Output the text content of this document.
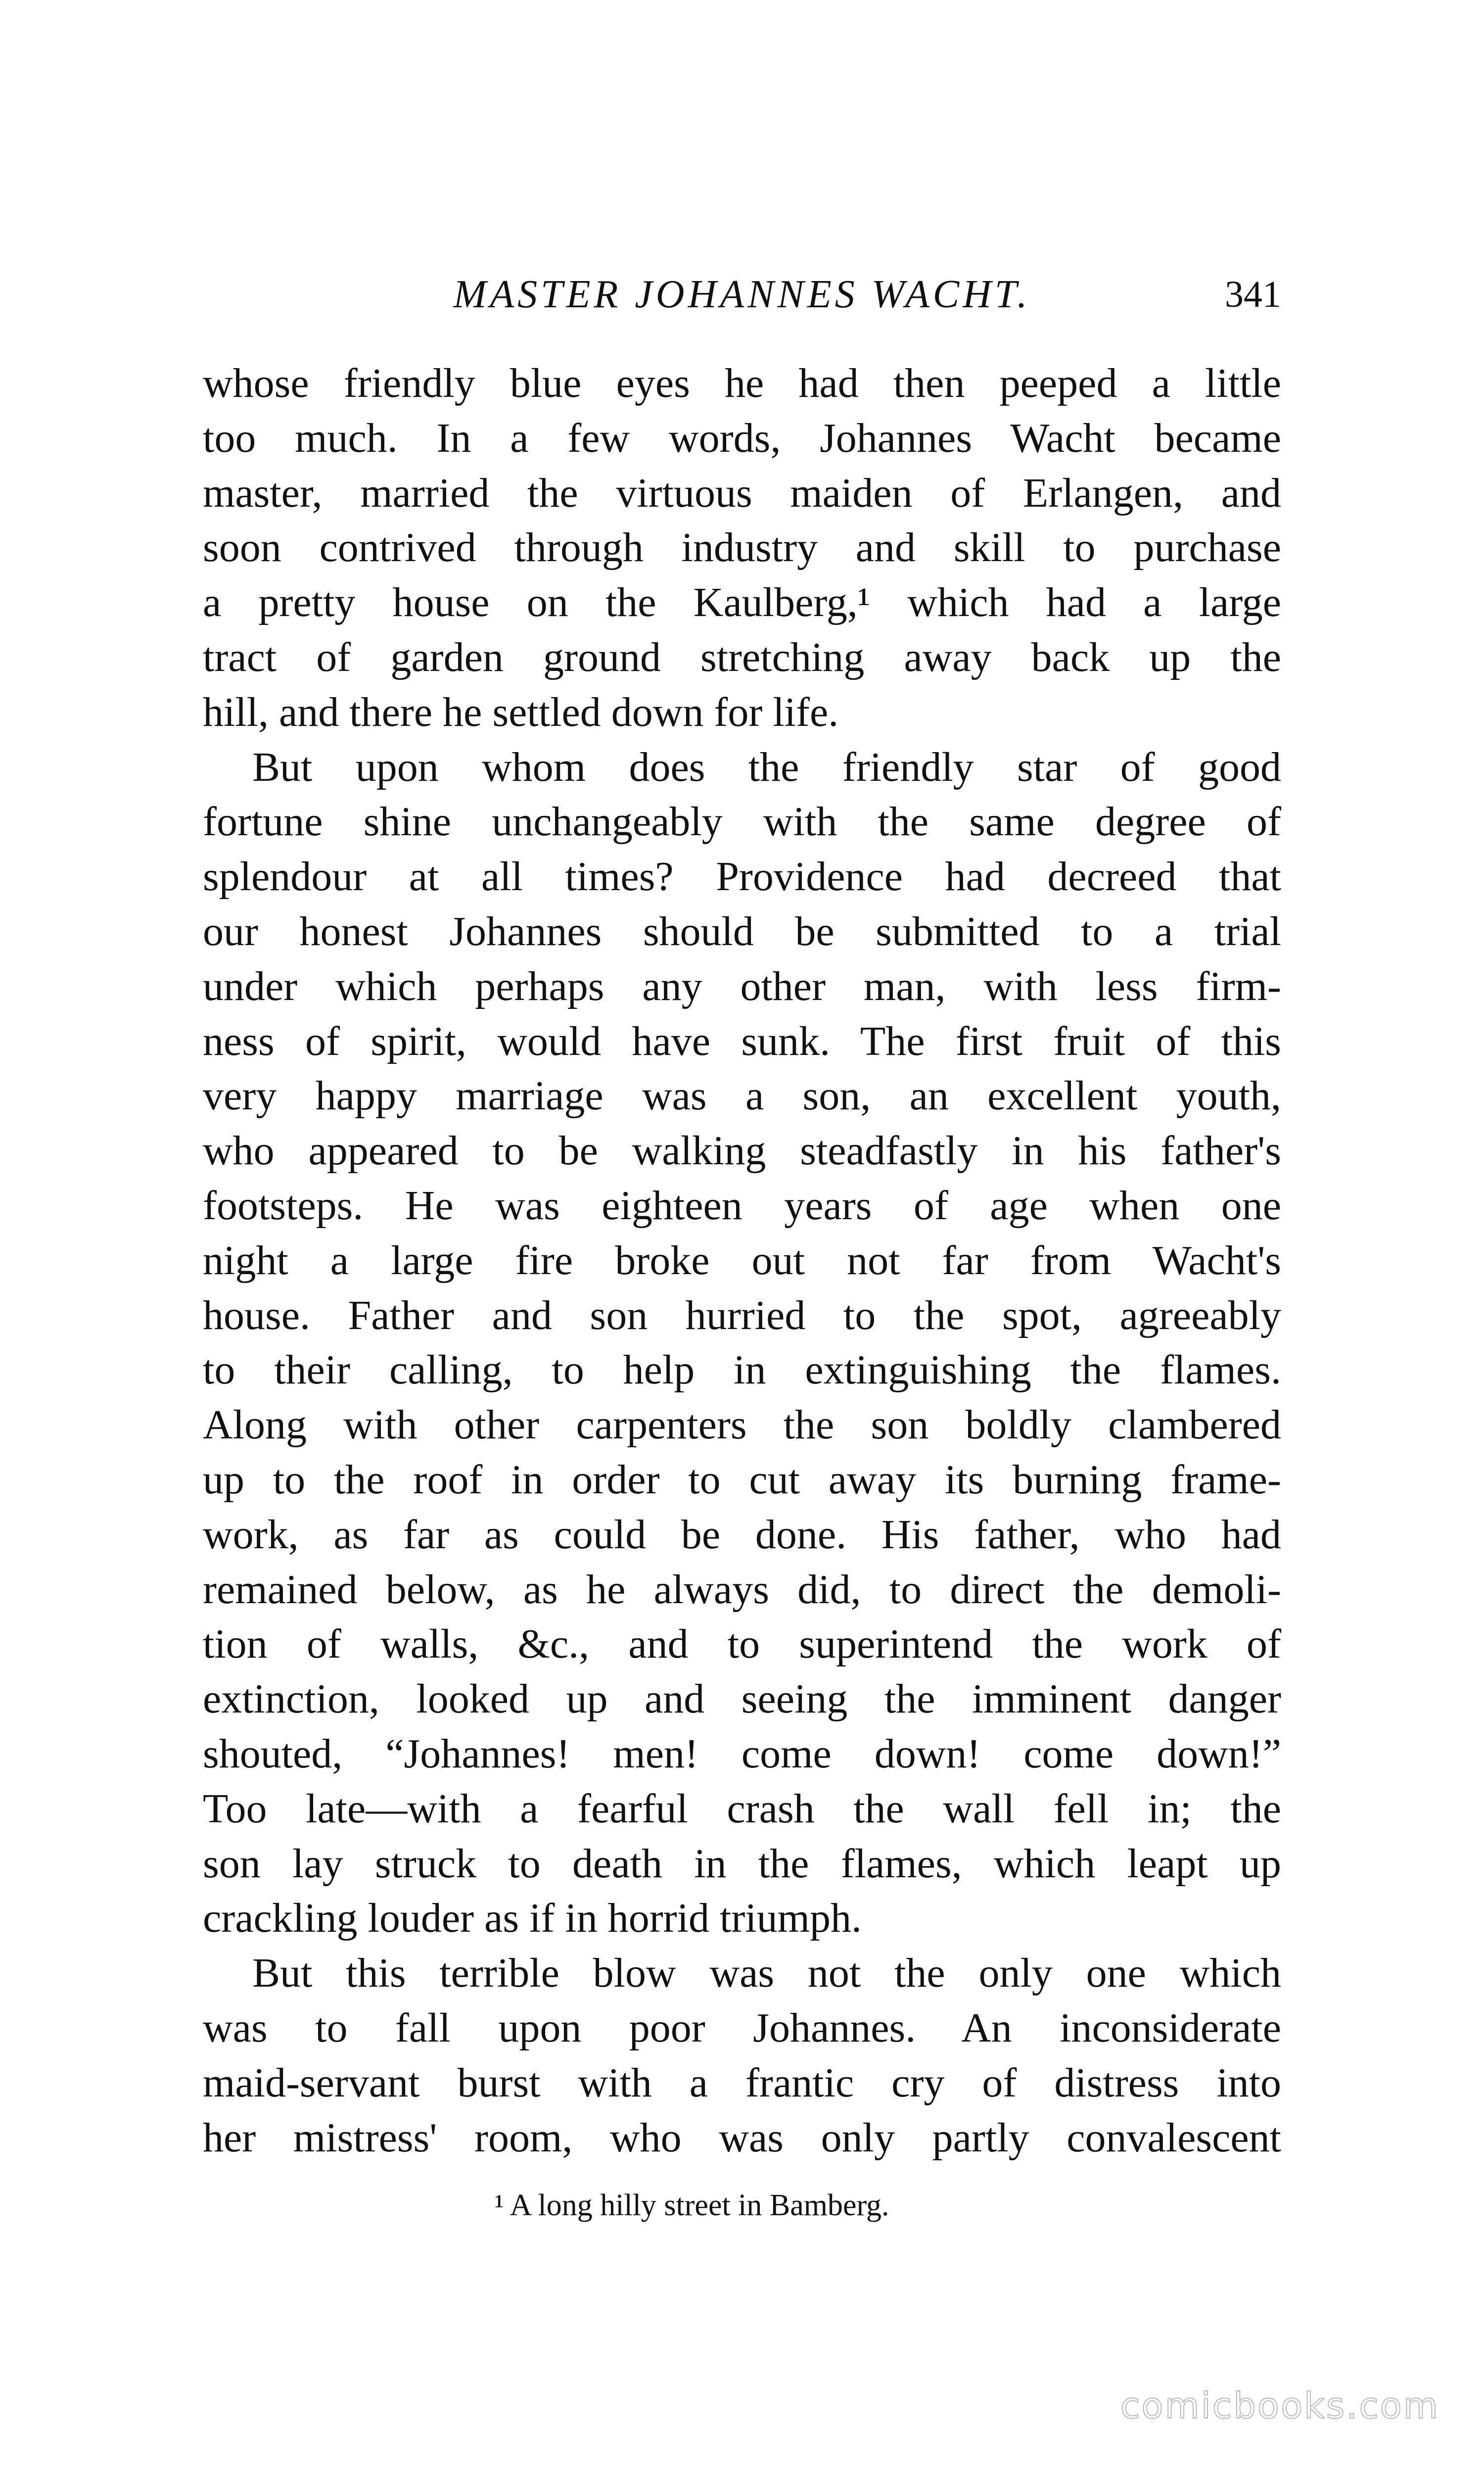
MASTER JOHANNES WACHT.	341
whose friendly blue eyes he had then peeped a little
too much. In a few words, Johannes Wacht became
master, married the virtuous maiden of Erlangen, and
soon contrived through industry and skill to purchase
a pretty house on the Kaulberg,¹ which had a large
tract of garden ground stretching away back up the
hill, and there he settled down for life.
But upon whom does the friendly star of good
fortune shine unchangeably with the same degree of
splendour at all times? Providence had decreed that
our honest Johannes should be submitted to a trial
under which perhaps any other man, with less firm-
ness of spirit, would have sunk. The first fruit of this
very happy marriage was a son, an excellent youth,
who appeared to be walking steadfastly in his father's
footsteps. He was eighteen years of age when one
night a large fire broke out not far from Wacht's
house. Father and son hurried to the spot, agreeably
to their calling, to help in extinguishing the flames.
Along with other carpenters the son boldly clambered
up to the roof in order to cut away its burning frame-
work, as far as could be done. His father, who had
remained below, as he always did, to direct the demoli-
tion of walls, &c., and to superintend the work of
extinction, looked up and seeing the imminent danger
shouted, “Johannes! men! come down! come down!”
Too late—with a fearful crash the wall fell in; the
son lay struck to death in the flames, which leapt up
crackling louder as if in horrid triumph.
But this terrible blow was not the only one which
was to fall upon poor Johannes. An inconsiderate
maid-servant burst with a frantic cry of distress into
her mistress' room, who was only partly convalescent
¹ A long hilly street in Bamberg.
comicbooks.com
